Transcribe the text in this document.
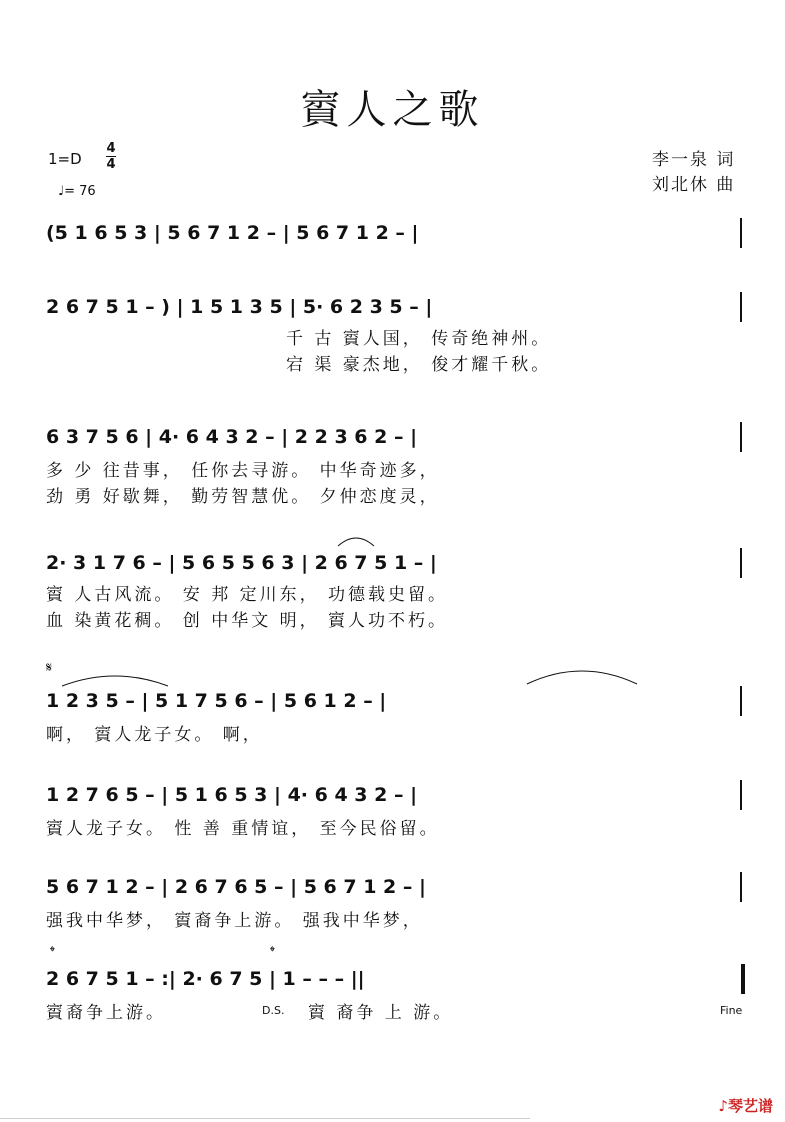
賨人之歌
1=D
4
4
♩= 76
李一泉 词
刘北休 曲
(5 1 6 5 3 | 5 6 7 1 2 – | 5 6 7 1 2 – |
2 6 7 5 1 – ) | 1 5 1 3 5 | 5· 6 2 3 5 – |
千 古 賨人国， 传奇绝神州。
宕 渠 豪杰地， 俊才耀千秋。
6 3 7 5 6 | 4· 6 4 3 2 – | 2 2 3 6 2 – |
多 少 往昔事， 任你去寻游。 中华奇迹多，
劲 勇 好歇舞， 勤劳智慧优。 夕仲恋度灵，
2· 3 1 7 6 – | 5 6 5 5 6 3 | 2 6 7 5 1 – |
賨 人古风流。 安 邦 定川东， 功德载史留。
血 染黄花稠。 创 中华文 明， 賨人功不朽。
𝄋
1 2 3 5 – | 5 1 7 5 6 – | 5 6 1 2 – |
啊， 賨人龙子女。 啊，
1 2 7 6 5 – | 5 1 6 5 3 | 4· 6 4 3 2 – |
賨人龙子女。 性 善 重情谊， 至今民俗留。
5 6 7 1 2 – | 2 6 7 6 5 – | 5 6 7 1 2 – |
强我中华梦， 賨裔争上游。 强我中华梦，
𝄌	𝄌
2 6 7 5 1 – :| 2· 6 7 5 | 1 – – – ||
賨裔争上游。	D.S. 賨 裔争 上 游。	Fine
♪琴艺谱
